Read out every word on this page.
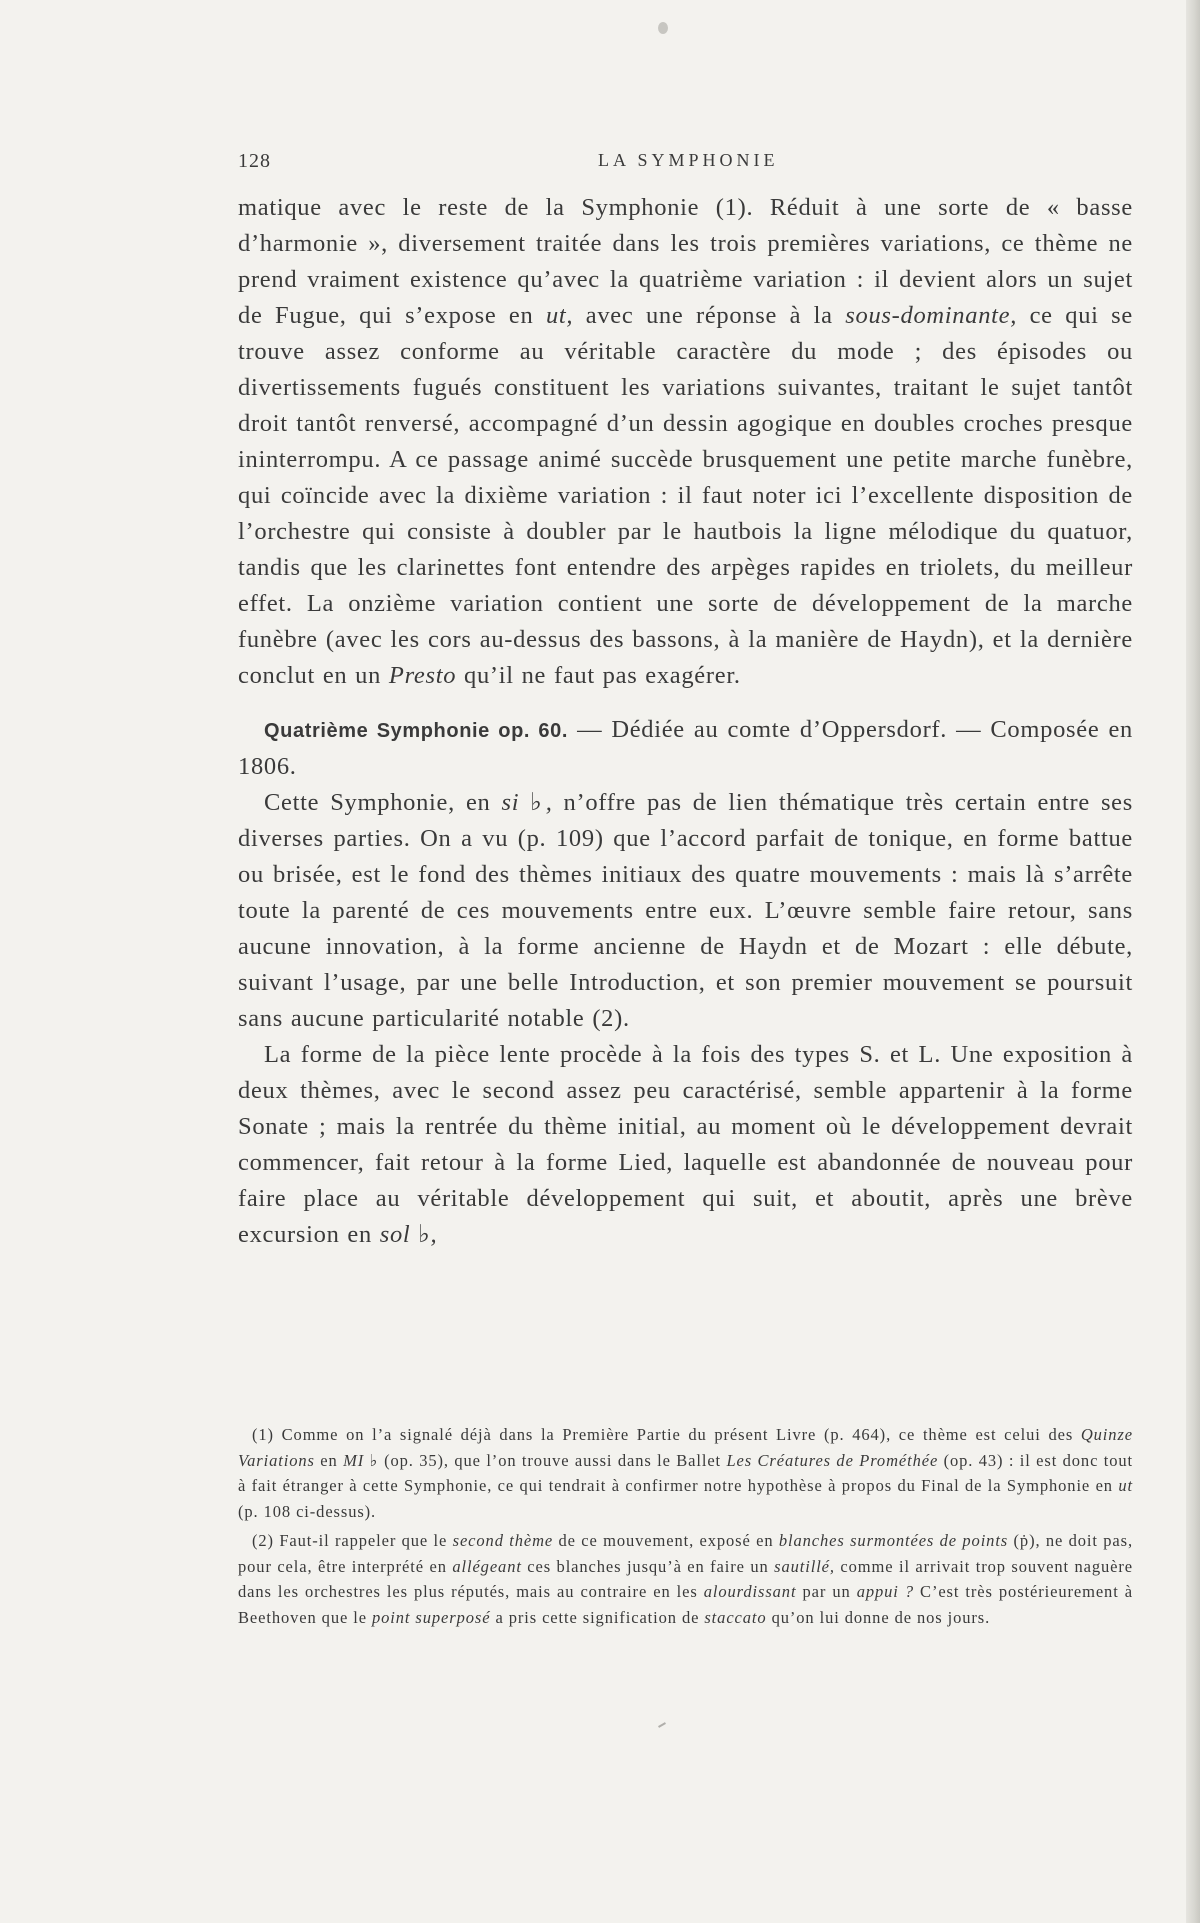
128	LA SYMPHONIE

matique avec le reste de la Symphonie (1). Réduit à une sorte de « basse d’harmonie », diversement traitée dans les trois premières variations, ce thème ne prend vraiment existence qu’avec la quatrième variation : il devient alors un sujet de Fugue, qui s’expose en ut, avec une réponse à la sous-dominante, ce qui se trouve assez conforme au véritable caractère du mode ; des épisodes ou divertissements fugués constituent les variations suivantes, traitant le sujet tantôt droit tantôt renversé, accompagné d’un dessin agogique en doubles croches presque ininterrompu. A ce passage animé succède brusquement une petite marche funèbre, qui coïncide avec la dixième variation : il faut noter ici l’excellente disposition de l’orchestre qui consiste à doubler par le hautbois la ligne mélodique du quatuor, tandis que les clarinettes font entendre des arpèges rapides en triolets, du meilleur effet. La onzième variation contient une sorte de développement de la marche funèbre (avec les cors au-dessus des bassons, à la manière de Haydn), et la dernière conclut en un Presto qu’il ne faut pas exagérer.

Quatrième Symphonie op. 60. — Dédiée au comte d’Oppersdorf. — Composée en 1806.

Cette Symphonie, en si ♭, n’offre pas de lien thématique très certain entre ses diverses parties. On a vu (p. 109) que l’accord parfait de tonique, en forme battue ou brisée, est le fond des thèmes initiaux des quatre mouvements : mais là s’arrête toute la parenté de ces mouvements entre eux. L’œuvre semble faire retour, sans aucune innovation, à la forme ancienne de Haydn et de Mozart : elle débute, suivant l’usage, par une belle Introduction, et son premier mouvement se poursuit sans aucune particularité notable (2).

La forme de la pièce lente procède à la fois des types S. et L. Une exposition à deux thèmes, avec le second assez peu caractérisé, semble appartenir à la forme Sonate ; mais la rentrée du thème initial, au moment où le développement devrait commencer, fait retour à la forme Lied, laquelle est abandonnée de nouveau pour faire place au véritable développement qui suit, et aboutit, après une brève excursion en sol ♭,

(1) Comme on l’a signalé déjà dans la Première Partie du présent Livre (p. 464), ce thème est celui des Quinze Variations en MI ♭ (op. 35), que l’on trouve aussi dans le Ballet Les Créatures de Prométhée (op. 43) : il est donc tout à fait étranger à cette Symphonie, ce qui tendrait à confirmer notre hypothèse à propos du Final de la Symphonie en ut (p. 108 ci-dessus).

(2) Faut-il rappeler que le second thème de ce mouvement, exposé en blanches surmontées de points (ṗ), ne doit pas, pour cela, être interprété en allégeant ces blanches jusqu’à en faire un sautillé, comme il arrivait trop souvent naguère dans les orchestres les plus réputés, mais au contraire en les alourdissant par un appui ? C’est très postérieurement à Beethoven que le point superposé a pris cette signification de staccato qu’on lui donne de nos jours.
